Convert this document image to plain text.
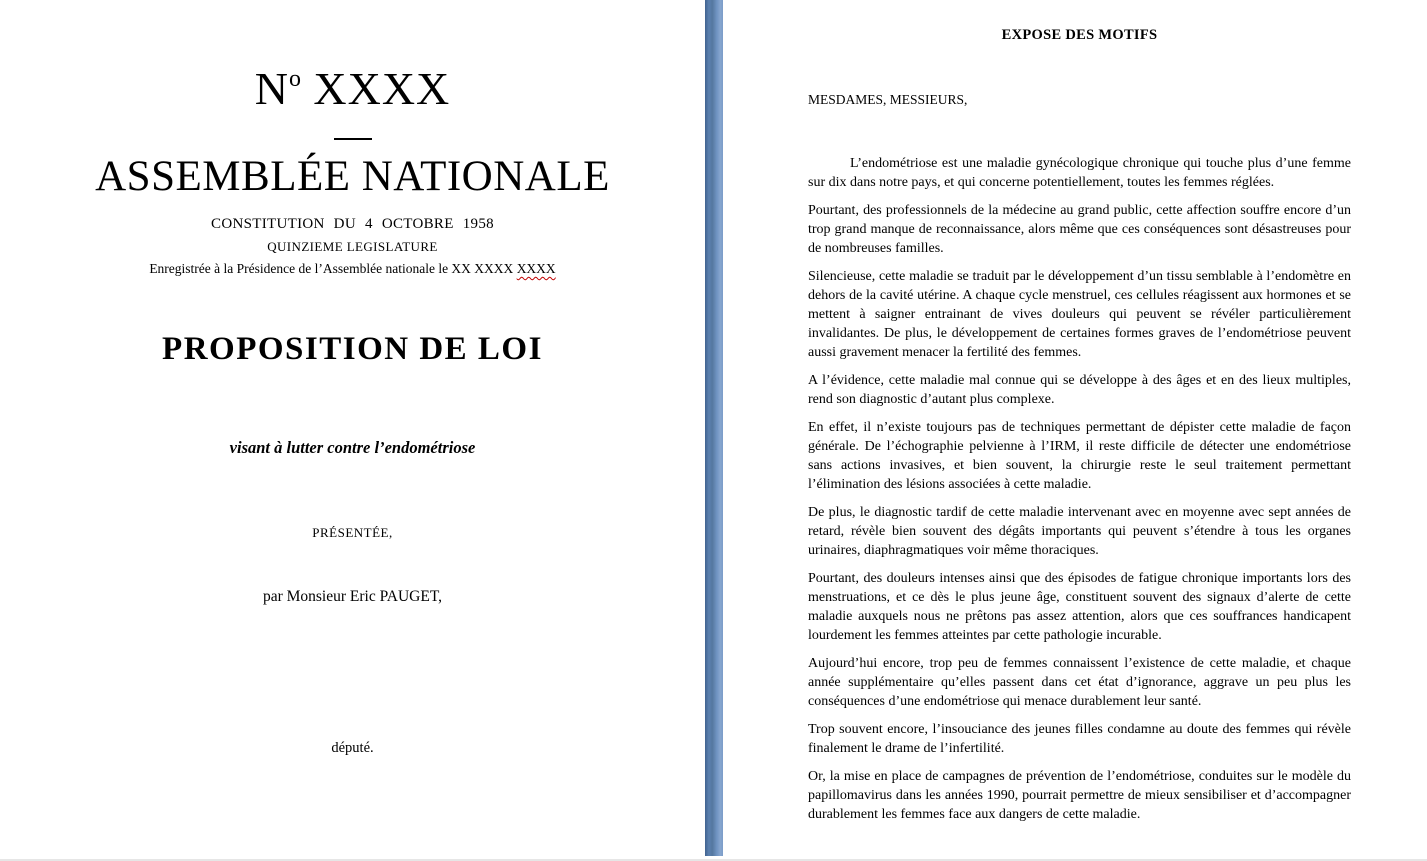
$N^o$ XXXX
ASSEMBLÉE NATIONALE
CONSTITUTION DU 4 OCTOBRE 1958
QUINZIEME LEGISLATURE
Enregistrée à la Présidence de l’Assemblée nationale le XX XXXX XXXX
PROPOSITION DE LOI
visant à lutter contre l’endométriose
PRÉSENTÉE,
par Monsieur Eric PAUGET,
député.
EXPOSE DES MOTIFS
MESDAMES, MESSIEURS,

L’endométriose est une maladie gynécologique chronique qui touche plus d’une femme sur dix dans notre pays, et qui concerne potentiellement, toutes les femmes réglées.

Pourtant, des professionnels de la médecine au grand public, cette affection souffre encore d’un trop grand manque de reconnaissance, alors même que ces conséquences sont désastreuses pour de nombreuses familles.

Silencieuse, cette maladie se traduit par le développement d’un tissu semblable à l’endomètre en dehors de la cavité utérine. A chaque cycle menstruel, ces cellules réagissent aux hormones et se mettent à saigner entrainant de vives douleurs qui peuvent se révéler particulièrement invalidantes. De plus, le développement de certaines formes graves de l’endométriose peuvent aussi gravement menacer la fertilité des femmes.

A l’évidence, cette maladie mal connue qui se développe à des âges et en des lieux multiples, rend son diagnostic d’autant plus complexe.

En effet, il n’existe toujours pas de techniques permettant de dépister cette maladie de façon générale. De l’échographie pelvienne à l’IRM, il reste difficile de détecter une endométriose sans actions invasives, et bien souvent, la chirurgie reste le seul traitement permettant l’élimination des lésions associées à cette maladie.

De plus, le diagnostic tardif de cette maladie intervenant avec en moyenne avec sept années de retard, révèle bien souvent des dégâts importants qui peuvent s’étendre à tous les organes urinaires, diaphragmatiques voir même thoraciques.

Pourtant, des douleurs intenses ainsi que des épisodes de fatigue chronique importants lors des menstruations, et ce dès le plus jeune âge, constituent souvent des signaux d’alerte de cette maladie auxquels nous ne prêtons pas assez attention, alors que ces souffrances handicapent lourdement les femmes atteintes par cette pathologie incurable.

Aujourd’hui encore, trop peu de femmes connaissent l’existence de cette maladie, et chaque année supplémentaire qu’elles passent dans cet état d’ignorance, aggrave un peu plus les conséquences d’une endométriose qui menace durablement leur santé.

Trop souvent encore, l’insouciance des jeunes filles condamne au doute des femmes qui révèle finalement le drame de l’infertilité.

Or, la mise en place de campagnes de prévention de l’endométriose, conduites sur le modèle du papillomavirus dans les années 1990, pourrait permettre de mieux sensibiliser et d’accompagner durablement les femmes face aux dangers de cette maladie.
